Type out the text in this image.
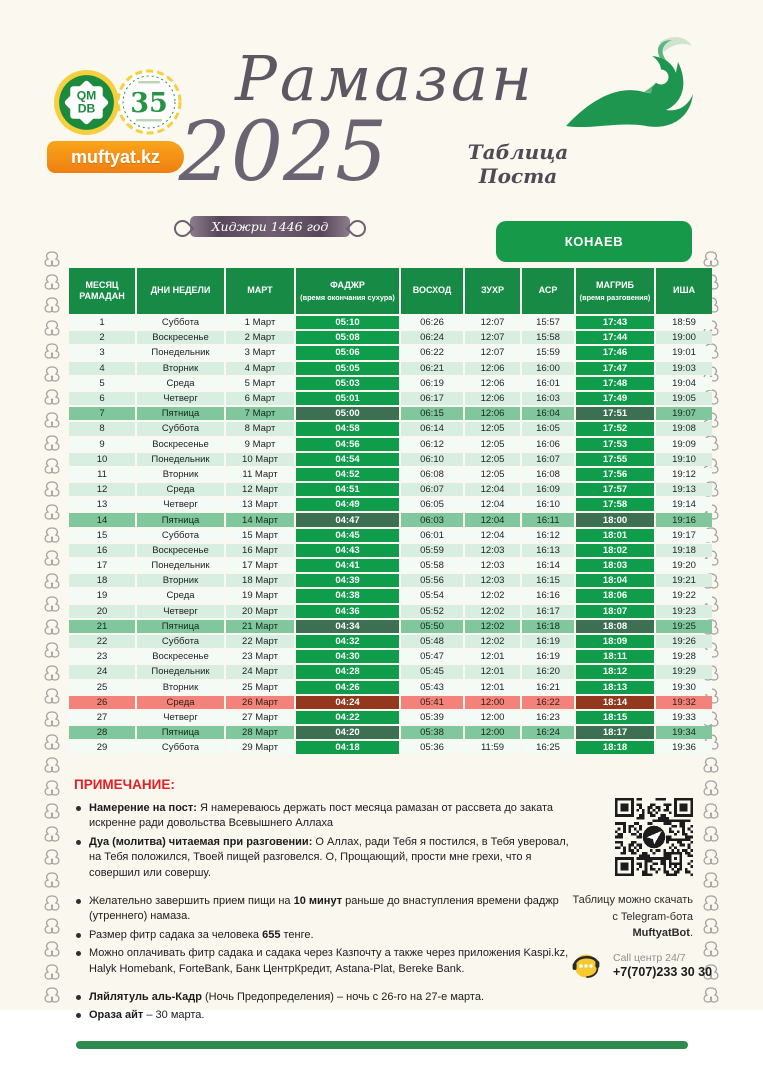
QM
DB 35
muftyat.kz
Рамазан
2025	Таблица Поста
Хиджри 1446 год
КОНАЕВ
МЕСЯЦ РАМАДАН	ДНИ НЕДЕЛИ	МАРТ	ФАДЖР
(время окончания сухура)	ВОСХОД	ЗУХР	АСР	МАГРИБ
(время разговения)	ИША
1	Суббота	1 Март	05:10	06:26	12:07	15:57	17:43	18:59
2	Воскресенье	2 Март	05:08	06:24	12:07	15:58	17:44	19:00
3	Понедельник	3 Март	05:06	06:22	12:07	15:59	17:46	19:01
4	Вторник	4 Март	05:05	06:21	12:06	16:00	17:47	19:03
5	Среда	5 Март	05:03	06:19	12:06	16:01	17:48	19:04
6	Четверг	6 Март	05:01	06:17	12:06	16:03	17:49	19:05
7	Пятница	7 Март	05:00	06:15	12:06	16:04	17:51	19:07
8	Суббота	8 Март	04:58	06:14	12:05	16:05	17:52	19:08
9	Воскресенье	9 Март	04:56	06:12	12:05	16:06	17:53	19:09
10	Понедельник	10 Март	04:54	06:10	12:05	16:07	17:55	19:10
11	Вторник	11 Март	04:52	06:08	12:05	16:08	17:56	19:12
12	Среда	12 Март	04:51	06:07	12:04	16:09	17:57	19:13
13	Четверг	13 Март	04:49	06:05	12:04	16:10	17:58	19:14
14	Пятница	14 Март	04:47	06:03	12:04	16:11	18:00	19:16
15	Суббота	15 Март	04:45	06:01	12:04	16:12	18:01	19:17
16	Воскресенье	16 Март	04:43	05:59	12:03	16:13	18:02	19:18
17	Понедельник	17 Март	04:41	05:58	12:03	16:14	18:03	19:20
18	Вторник	18 Март	04:39	05:56	12:03	16:15	18:04	19:21
19	Среда	19 Март	04:38	05:54	12:02	16:16	18:06	19:22
20	Четверг	20 Март	04:36	05:52	12:02	16:17	18:07	19:23
21	Пятница	21 Март	04:34	05:50	12:02	16:18	18:08	19:25
22	Суббота	22 Март	04:32	05:48	12:02	16:19	18:09	19:26
23	Воскресенье	23 Март	04:30	05:47	12:01	16:19	18:11	19:28
24	Понедельник	24 Март	04:28	05:45	12:01	16:20	18:12	19:29
25	Вторник	25 Март	04:26	05:43	12:01	16:21	18:13	19:30
26	Среда	26 Март	04:24	05:41	12:00	16:22	18:14	19:32
27	Четверг	27 Март	04:22	05:39	12:00	16:23	18:15	19:33
28	Пятница	28 Март	04:20	05:38	12:00	16:24	18:17	19:34
29	Суббота	29 Март	04:18	05:36	11:59	16:25	18:18	19:36

ПРИМЕЧАНИЕ:

Намерение на пост: Я намереваюсь держать пост месяца рамазан от рассвета до заката искренне ради довольства Всевышнего Аллаха
Дуа (молитва) читаемая при разговении: О Аллах, ради Тебя я постился, в Тебя уверовал, на Тебя положился, Твоей пищей разговелся. О, Прощающий, прости мне грехи, что я совершил или совершу.
Желательно завершить прием пищи на 10 минут раньше до внаступления времени фаджр (утреннего) намаза.
Размер фитр садака за человека 655 тенге.
Можно оплачивать фитр садака и садака через Казпочту а также через приложения Kaspi.kz, Halyk Homebank, ForteBank, Банк ЦентрКредит, Astana-Plat, Bereke Bank.
Ляйлятуль аль-Кадр (Ночь Предопределения) – ночь с 26-го на 27-е марта.
Ораза айт – 30 марта.
Таблицу можно скачать
с Telegram-бота
MuftyatBot.
Call центр 24/7
+7(707)233 30 30
